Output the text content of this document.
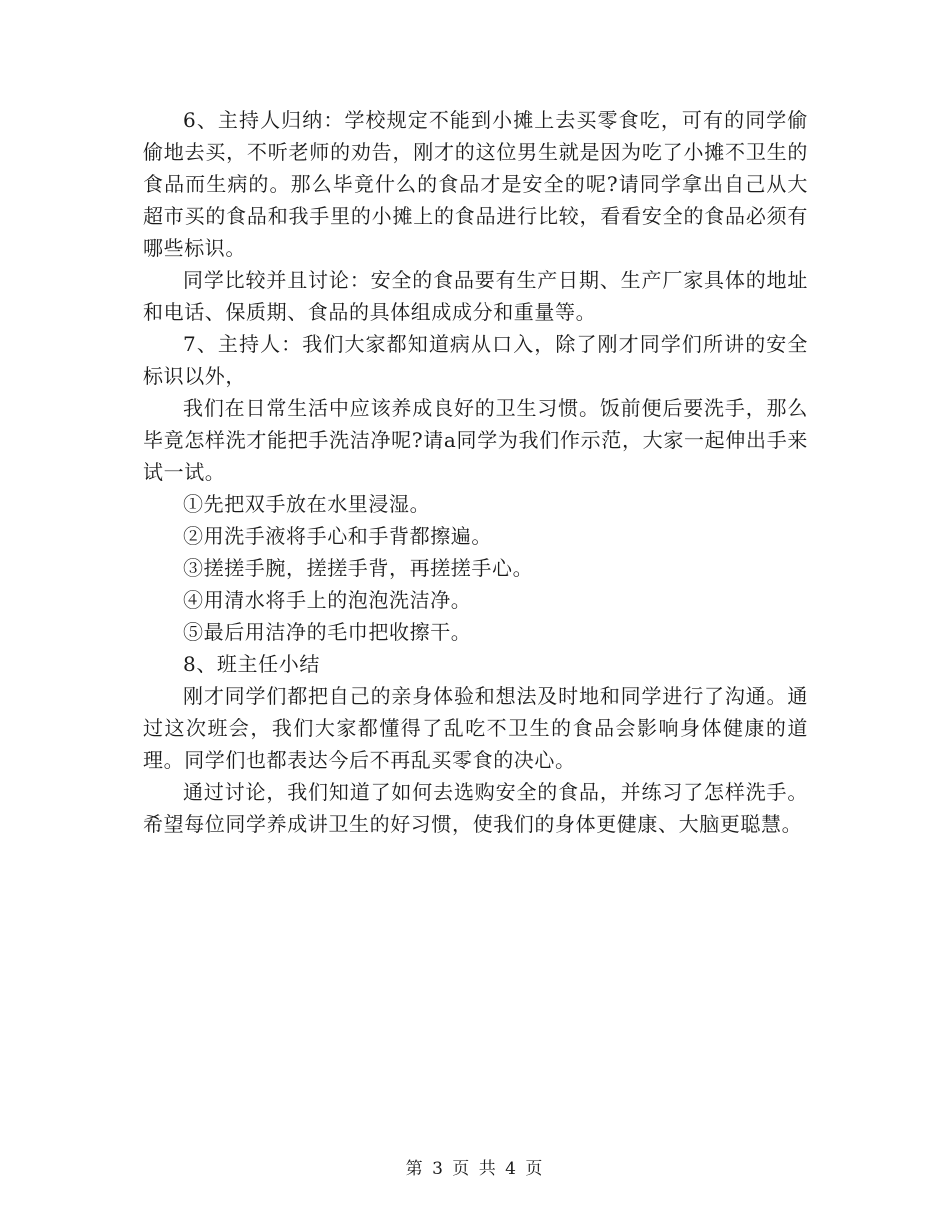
6、主持人归纳：学校规定不能到小摊上去买零食吃，可有的同学偷偷地去买，不听老师的劝告，刚才的这位男生就是因为吃了小摊不卫生的食品而生病的。那么毕竟什么的食品才是安全的呢?请同学拿出自己从大超市买的食品和我手里的小摊上的食品进行比较，看看安全的食品必须有哪些标识。

同学比较并且讨论：安全的食品要有生产日期、生产厂家具体的地址和电话、保质期、食品的具体组成成分和重量等。

7、主持人：我们大家都知道病从口入，除了刚才同学们所讲的安全标识以外，

我们在日常生活中应该养成良好的卫生习惯。饭前便后要洗手，那么毕竟怎样洗才能把手洗洁净呢?请a同学为我们作示范，大家一起伸出手来试一试。

①先把双手放在水里浸湿。

②用洗手液将手心和手背都擦遍。

③搓搓手腕，搓搓手背，再搓搓手心。

④用清水将手上的泡泡洗洁净。

⑤最后用洁净的毛巾把收擦干。

8、班主任小结

刚才同学们都把自己的亲身体验和想法及时地和同学进行了沟通。通过这次班会，我们大家都懂得了乱吃不卫生的食品会影响身体健康的道理。同学们也都表达今后不再乱买零食的决心。

通过讨论，我们知道了如何去选购安全的食品，并练习了怎样洗手。希望每位同学养成讲卫生的好习惯，使我们的身体更健康、大脑更聪慧。

第 3 页 共 4 页
